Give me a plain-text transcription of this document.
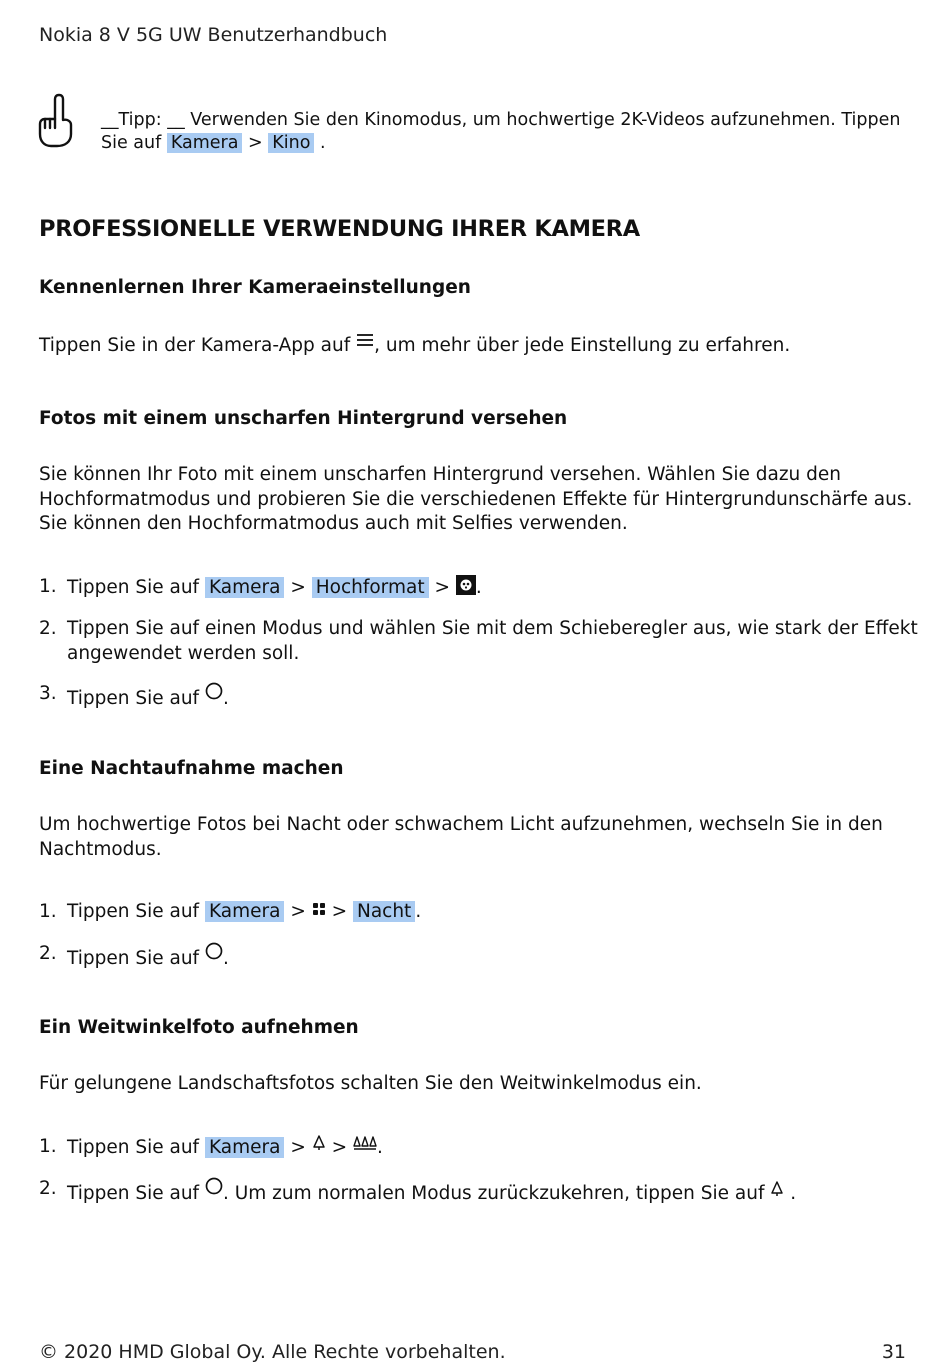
Nokia 8 V 5G UW Benutzerhandbuch
__Tipp: __ Verwenden Sie den Kinomodus, um hochwertige 2K-Videos aufzunehmen. Tippen Sie auf Kamera > Kino .
PROFESSIONELLE VERWENDUNG IHRER KAMERA
Kennenlernen Ihrer Kameraeinstellungen
Tippen Sie in der Kamera-App auf , um mehr über jede Einstellung zu erfahren.
Fotos mit einem unscharfen Hintergrund versehen
Sie können Ihr Foto mit einem unscharfen Hintergrund versehen. Wählen Sie dazu den Hochformatmodus und probieren Sie die verschiedenen Effekte für Hintergrundunschärfe aus. Sie können den Hochformatmodus auch mit Selfies verwenden.
1. Tippen Sie auf Kamera > Hochformat > .
2. Tippen Sie auf einen Modus und wählen Sie mit dem Schieberegler aus, wie stark der Effekt angewendet werden soll.
3. Tippen Sie auf .
Eine Nachtaufnahme machen
Um hochwertige Fotos bei Nacht oder schwachem Licht aufzunehmen, wechseln Sie in den Nachtmodus.
1. Tippen Sie auf Kamera >  > Nacht .
2. Tippen Sie auf .
Ein Weitwinkelfoto aufnehmen
Für gelungene Landschaftsfotos schalten Sie den Weitwinkelmodus ein.
1. Tippen Sie auf Kamera >  > .
2. Tippen Sie auf . Um zum normalen Modus zurückzukehren, tippen Sie auf  .
© 2020 HMD Global Oy. Alle Rechte vorbehalten.	31
